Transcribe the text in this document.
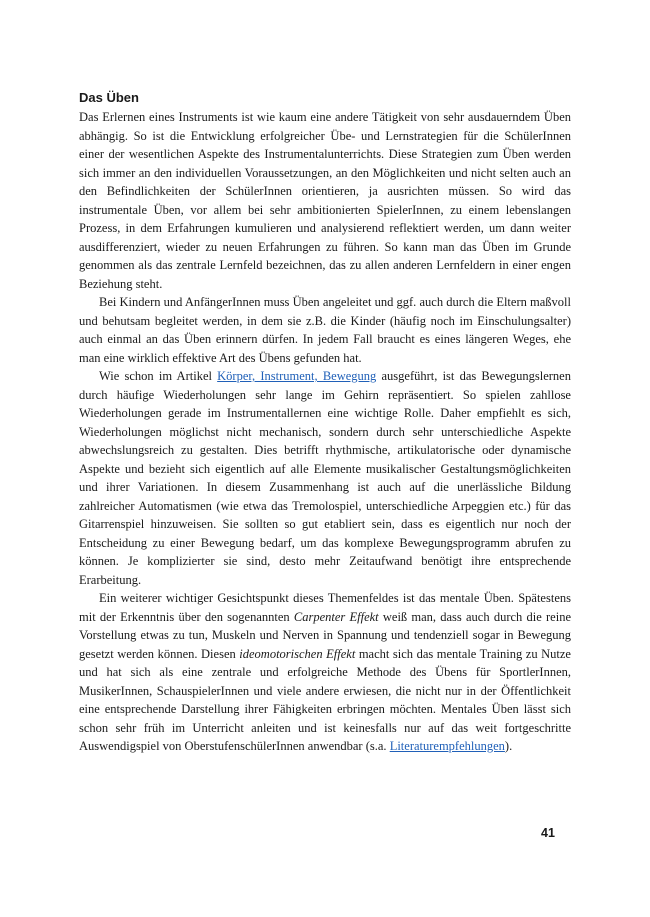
Das Üben

Das Erlernen eines Instruments ist wie kaum eine andere Tätigkeit von sehr ausdauerndem Üben abhängig. So ist die Entwicklung erfolgreicher Übe- und Lernstrategien für die SchülerInnen einer der wesentlichen Aspekte des Instrumentalunterrichts. Diese Strategien zum Üben werden sich immer an den individuellen Voraussetzungen, an den Möglichkeiten und nicht selten auch an den Befindlichkeiten der SchülerInnen orientieren, ja ausrichten müssen. So wird das instrumentale Üben, vor allem bei sehr ambitionierten SpielerInnen, zu einem lebenslangen Prozess, in dem Erfahrungen kumulieren und analysierend reflektiert werden, um dann weiter ausdifferenziert, wieder zu neuen Erfahrungen zu führen. So kann man das Üben im Grunde genommen als das zentrale Lernfeld bezeichnen, das zu allen anderen Lernfeldern in einer engen Beziehung steht.

Bei Kindern und AnfängerInnen muss Üben angeleitet und ggf. auch durch die Eltern maßvoll und behutsam begleitet werden, in dem sie z.B. die Kinder (häufig noch im Einschulungsalter) auch einmal an das Üben erinnern dürfen. In jedem Fall braucht es eines längeren Weges, ehe man eine wirklich effektive Art des Übens gefunden hat.

Wie schon im Artikel Körper, Instrument, Bewegung ausgeführt, ist das Bewegungslernen durch häufige Wiederholungen sehr lange im Gehirn repräsentiert. So spielen zahllose Wiederholungen gerade im Instrumentallernen eine wichtige Rolle. Daher empfiehlt es sich, Wiederholungen möglichst nicht mechanisch, sondern durch sehr unterschiedliche Aspekte abwechslungsreich zu gestalten. Dies betrifft rhythmische, artikulatorische oder dynamische Aspekte und bezieht sich eigentlich auf alle Elemente musikalischer Gestaltungsmöglichkeiten und ihrer Variationen. In diesem Zusammenhang ist auch auf die unerlässliche Bildung zahlreicher Automatismen (wie etwa das Tremolospiel, unterschiedliche Arpeggien etc.) für das Gitarrenspiel hinzuweisen. Sie sollten so gut etabliert sein, dass es eigentlich nur noch der Entscheidung zu einer Bewegung bedarf, um das komplexe Bewegungsprogramm abrufen zu können. Je komplizierter sie sind, desto mehr Zeitaufwand benötigt ihre entsprechende Erarbeitung.

Ein weiterer wichtiger Gesichtspunkt dieses Themenfeldes ist das mentale Üben. Spätestens mit der Erkenntnis über den sogenannten Carpenter Effekt weiß man, dass auch durch die reine Vorstellung etwas zu tun, Muskeln und Nerven in Spannung und tendenziell sogar in Bewegung gesetzt werden können. Diesen ideomotorischen Effekt macht sich das mentale Training zu Nutze und hat sich als eine zentrale und erfolgreiche Methode des Übens für SportlerInnen, MusikerInnen, SchauspielerInnen und viele andere erwiesen, die nicht nur in der Öffentlichkeit eine entsprechende Darstellung ihrer Fähigkeiten erbringen möchten. Mentales Üben lässt sich schon sehr früh im Unterricht anleiten und ist keinesfalls nur auf das weit fortgeschritte Auswendigspiel von OberstufenschülerInnen anwendbar (s.a. Literaturempfehlungen).

41
